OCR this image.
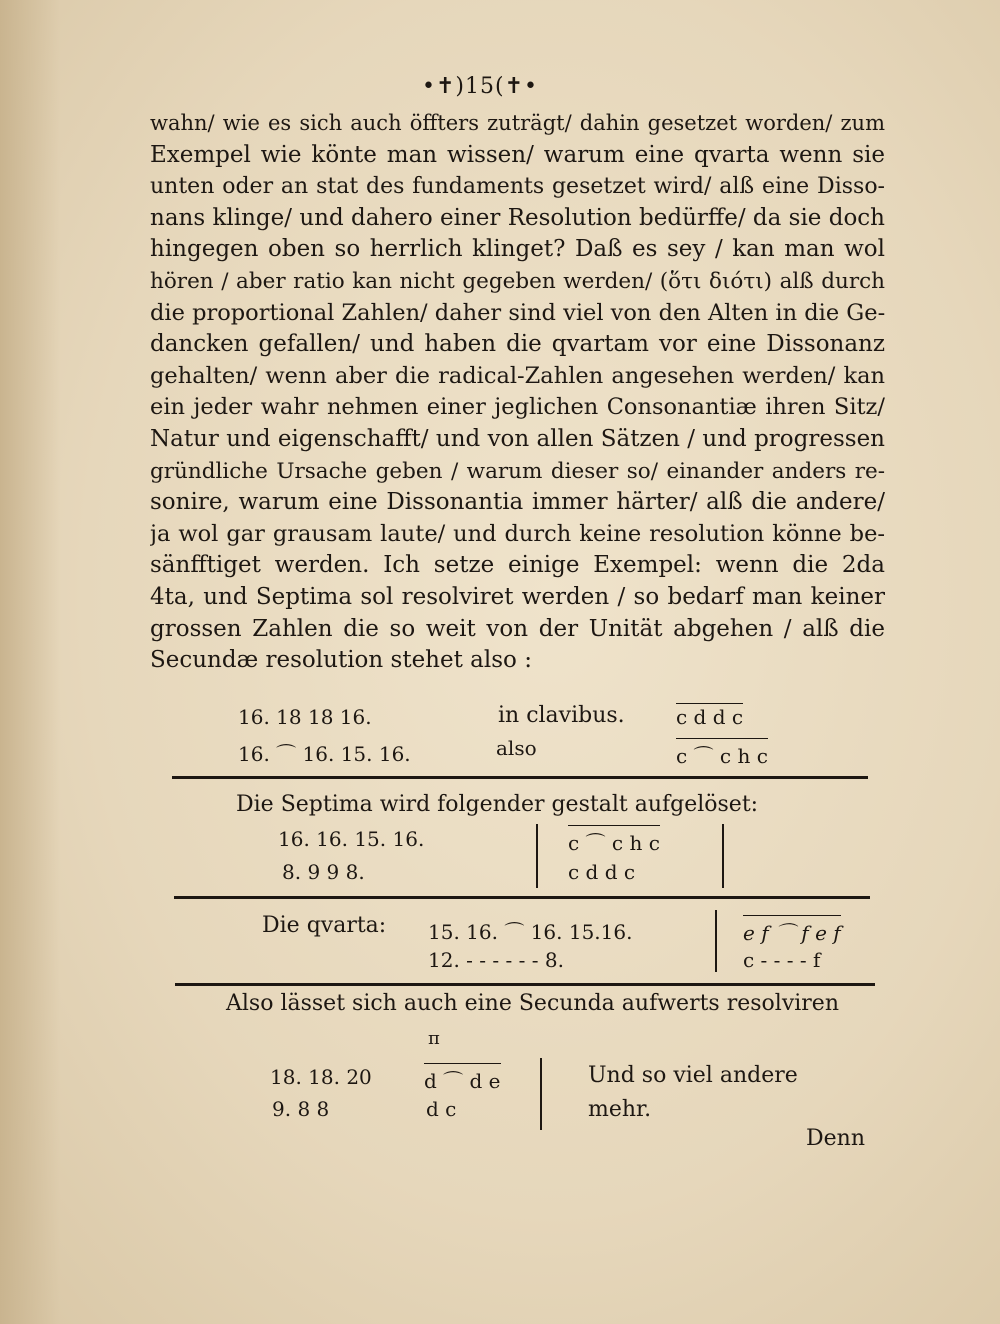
•✝)15(✝•
wahn/ wie es sich auch öffters zuträgt/ dahin gesetzet worden/ zum
Exempel wie könte man wissen/ warum eine qvarta wenn sie
unten oder an stat des fundaments gesetzet wird/ alß eine Disso-
nans klinge/ und dahero einer Resolution bedürffe/ da sie doch
hingegen oben so herrlich klinget? Daß es sey / kan man wol
hören / aber ratio kan nicht gegeben werden/ (ὅτι διότι) alß durch
die proportional Zahlen/ daher sind viel von den Alten in die Ge-
dancken gefallen/ und haben die qvartam vor eine Dissonanz
gehalten/ wenn aber die radical-Zahlen angesehen werden/ kan
ein jeder wahr nehmen einer jeglichen Consonantiæ ihren Sitz/
Natur und eigenschafft/ und von allen Sätzen / und progressen
gründliche Ursache geben / warum dieser so/ einander anders re-
sonire, warum eine Dissonantia immer härter/ alß die andere/
ja wol gar grausam laute/ und durch keine resolution könne be-
sänfftiget werden. Ich setze einige Exempel: wenn die 2da
4ta, und Septima sol resolviret werden / so bedarf man keiner
grossen Zahlen die so weit von der Unität abgehen / alß die
Secundæ resolution stehet also :
16. 18 18 16.	in clavibus.	c d d c
16. ⌒ 16. 15. 16.	also	c ⌒ c h c
Die Septima wird folgender gestalt aufgelöset:
16. 16. 15. 16.	c ⌒ c h c
8. 9 9 8.	c d d c
Die qvarta: 15. 16. ⌒ 16. 15.16.	e f ⌒ f e f
12. - - - - - - 8.	c - - - - f
Also lässet sich auch eine Secunda aufwerts resolviren
π
18. 18. 20	d ⌒ d e	Und so viel andere
9. 8 8	d c	mehr.
Denn
